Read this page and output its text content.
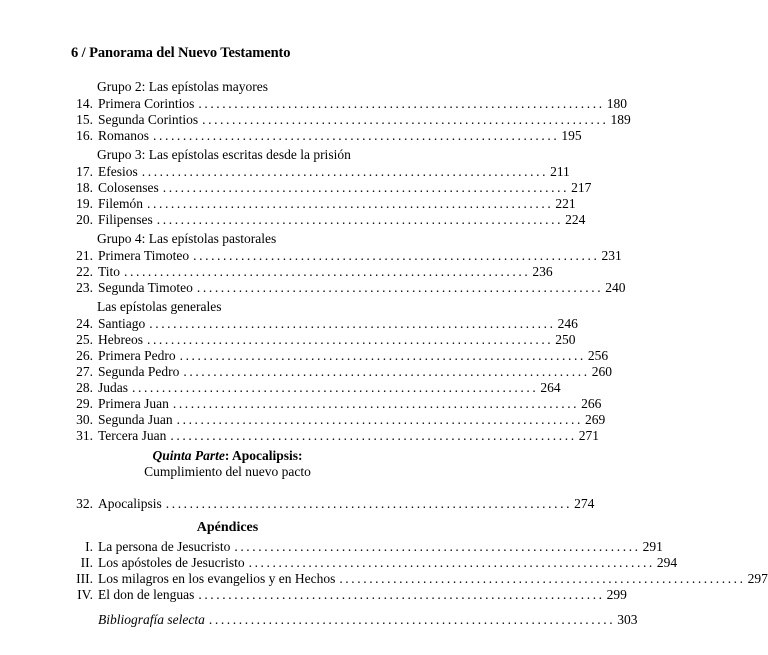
6 / Panorama del Nuevo Testamento
Grupo 2: Las epístolas mayores
14. Primera Corintios .................................................................... 180
15. Segunda Corintios .................................................................... 189
16. Romanos .................................................................... 195
Grupo 3: Las epístolas escritas desde la prisión
17. Efesios .................................................................... 211
18. Colosenses .................................................................... 217
19. Filemón .................................................................... 221
20. Filipenses .................................................................... 224
Grupo 4: Las epístolas pastorales
21. Primera Timoteo .................................................................... 231
22. Tito .................................................................... 236
23. Segunda Timoteo .................................................................... 240
Las epístolas generales
24. Santiago .................................................................... 246
25. Hebreos .................................................................... 250
26. Primera Pedro .................................................................... 256
27. Segunda Pedro .................................................................... 260
28. Judas .................................................................... 264
29. Primera Juan .................................................................... 266
30. Segunda Juan .................................................................... 269
31. Tercera Juan .................................................................... 271
Quinta Parte: Apocalipsis:
Cumplimiento del nuevo pacto
32. Apocalipsis .................................................................... 274
Apéndices
I. La persona de Jesucristo .................................................................... 291
II. Los apóstoles de Jesucristo .................................................................... 294
III. Los milagros en los evangelios y en Hechos .................................................................... 297
IV. El don de lenguas .................................................................... 299
Bibliografía selecta .................................................................... 303
